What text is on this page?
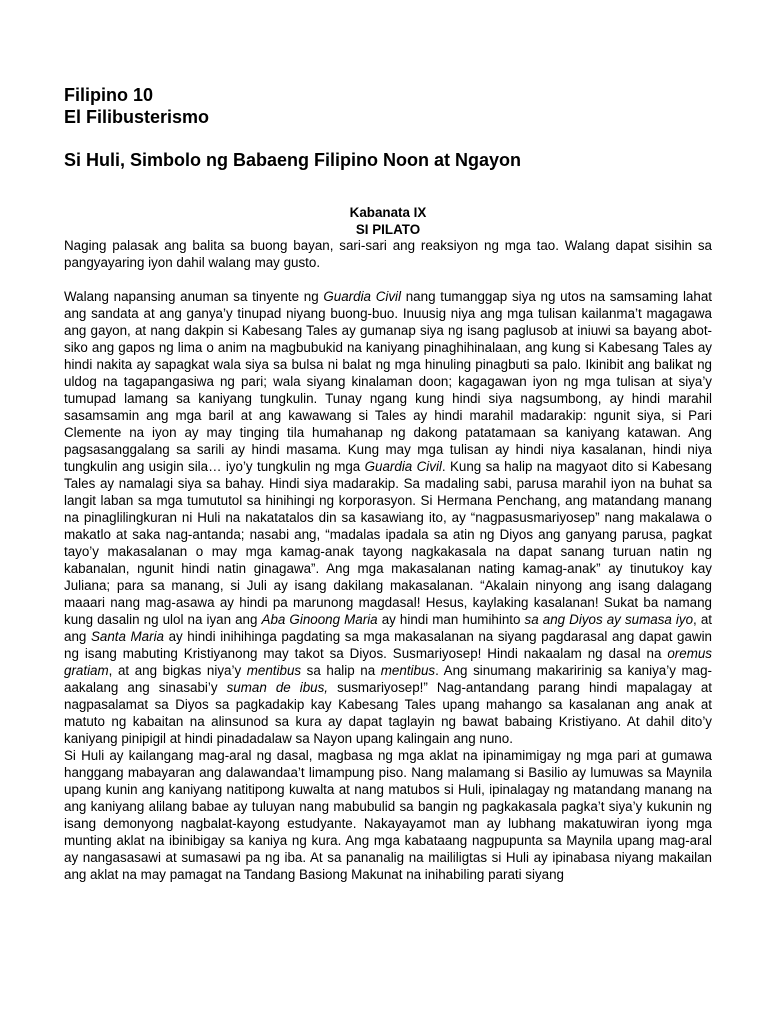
Filipino 10
El Filibusterismo
Si Huli, Simbolo ng Babaeng Filipino Noon at Ngayon
Kabanata IX
SI PILATO

Naging palasak ang balita sa buong bayan, sari-sari ang reaksiyon ng mga tao. Walang dapat sisihin sa pangyayaring iyon dahil walang may gusto.

Walang napansing anuman sa tinyente ng Guardia Civil nang tumanggap siya ng utos na samsaming lahat ang sandata at ang ganya’y tinupad niyang buong-buo. Inuusig niya ang mga tulisan kailanma’t magagawa ang gayon, at nang dakpin si Kabesang Tales ay gumanap siya ng isang paglusob at iniuwi sa bayang abot-siko ang gapos ng lima o anim na magbubukid na kaniyang pinaghihinalaan, ang kung si Kabesang Tales ay hindi nakita ay sapagkat wala siya sa bulsa ni balat ng mga hinuling pinagbuti sa palo. Ikinibit ang balikat ng uldog na tagapangasiwa ng pari; wala siyang kinalaman doon; kagagawan iyon ng mga tulisan at siya’y tumupad lamang sa kaniyang tungkulin. Tunay ngang kung hindi siya nagsumbong, ay hindi marahil sasamsamin ang mga baril at ang kawawang si Tales ay hindi marahil madarakip: ngunit siya, si Pari Clemente na iyon ay may tinging tila humahanap ng dakong patatamaan sa kaniyang katawan. Ang pagsasanggalang sa sarili ay hindi masama. Kung may mga tulisan ay hindi niya kasalanan, hindi niya tungkulin ang usigin sila… iyo’y tungkulin ng mga Guardia Civil. Kung sa halip na magyaot dito si Kabesang Tales ay namalagi siya sa bahay. Hindi siya madarakip. Sa madaling sabi, parusa marahil iyon na buhat sa langit laban sa mga tumututol sa hinihingi ng korporasyon. Si Hermana Penchang, ang matandang manang na pinaglilingkuran ni Huli na nakatatalos din sa kasawiang ito, ay “nagpasusmariyosep” nang makalawa o makatlo at saka nag-antanda; nasabi ang, “madalas ipadala sa atin ng Diyos ang ganyang parusa, pagkat tayo’y makasalanan o may mga kamag-anak tayong nagkakasala na dapat sanang turuan natin ng kabanalan, ngunit hindi natin ginagawa”. Ang mga makasalanan nating kamag-anak” ay tinutukoy kay Juliana; para sa manang, si Juli ay isang dakilang makasalanan. “Akalain ninyong ang isang dalagang maaari nang mag-asawa ay hindi pa marunong magdasal! Hesus, kaylaking kasalanan! Sukat ba namang kung dasalin ng ulol na iyan ang Aba Ginoong Maria ay hindi man humihinto sa ang Diyos ay sumasa iyo, at ang Santa Maria ay hindi inihihinga pagdating sa mga makasalanan na siyang pagdarasal ang dapat gawin ng isang mabuting Kristiyanong may takot sa Diyos. Susmariyosep! Hindi nakaalam ng dasal na oremus gratiam, at ang bigkas niya’y mentibus sa halip na mentibus. Ang sinumang makaririnig sa kaniya’y mag-aakalang ang sinasabi’y suman de ibus, susmariyosep!” Nag-antandang parang hindi mapalagay at nagpasalamat sa Diyos sa pagkadakip kay Kabesang Tales upang mahango sa kasalanan ang anak at matuto ng kabaitan na alinsunod sa kura ay dapat taglayin ng bawat babaing Kristiyano. At dahil dito’y kaniyang pinipigil at hindi pinadadalaw sa Nayon upang kalingain ang nuno.

Si Huli ay kailangang mag-aral ng dasal, magbasa ng mga aklat na ipinamimigay ng mga pari at gumawa hanggang mabayaran ang dalawandaa’t limampung piso. Nang malamang si Basilio ay lumuwas sa Maynila upang kunin ang kaniyang natitipong kuwalta at nang matubos si Huli, ipinalagay ng matandang manang na ang kaniyang alilang babae ay tuluyan nang mabubulid sa bangin ng pagkakasala pagka’t siya’y kukunin ng isang demonyong nagbalat-kayong estudyante. Nakayayamot man ay lubhang makatuwiran iyong mga munting aklat na ibinibigay sa kaniya ng kura. Ang mga kabataang nagpupunta sa Maynila upang mag-aral ay nangasasawi at sumasawi pa ng iba. At sa pananalig na maililigtas si Huli ay ipinabasa niyang makailan ang aklat na may pamagat na Tandang Basiong Makunat na inihabiling parati siyang
